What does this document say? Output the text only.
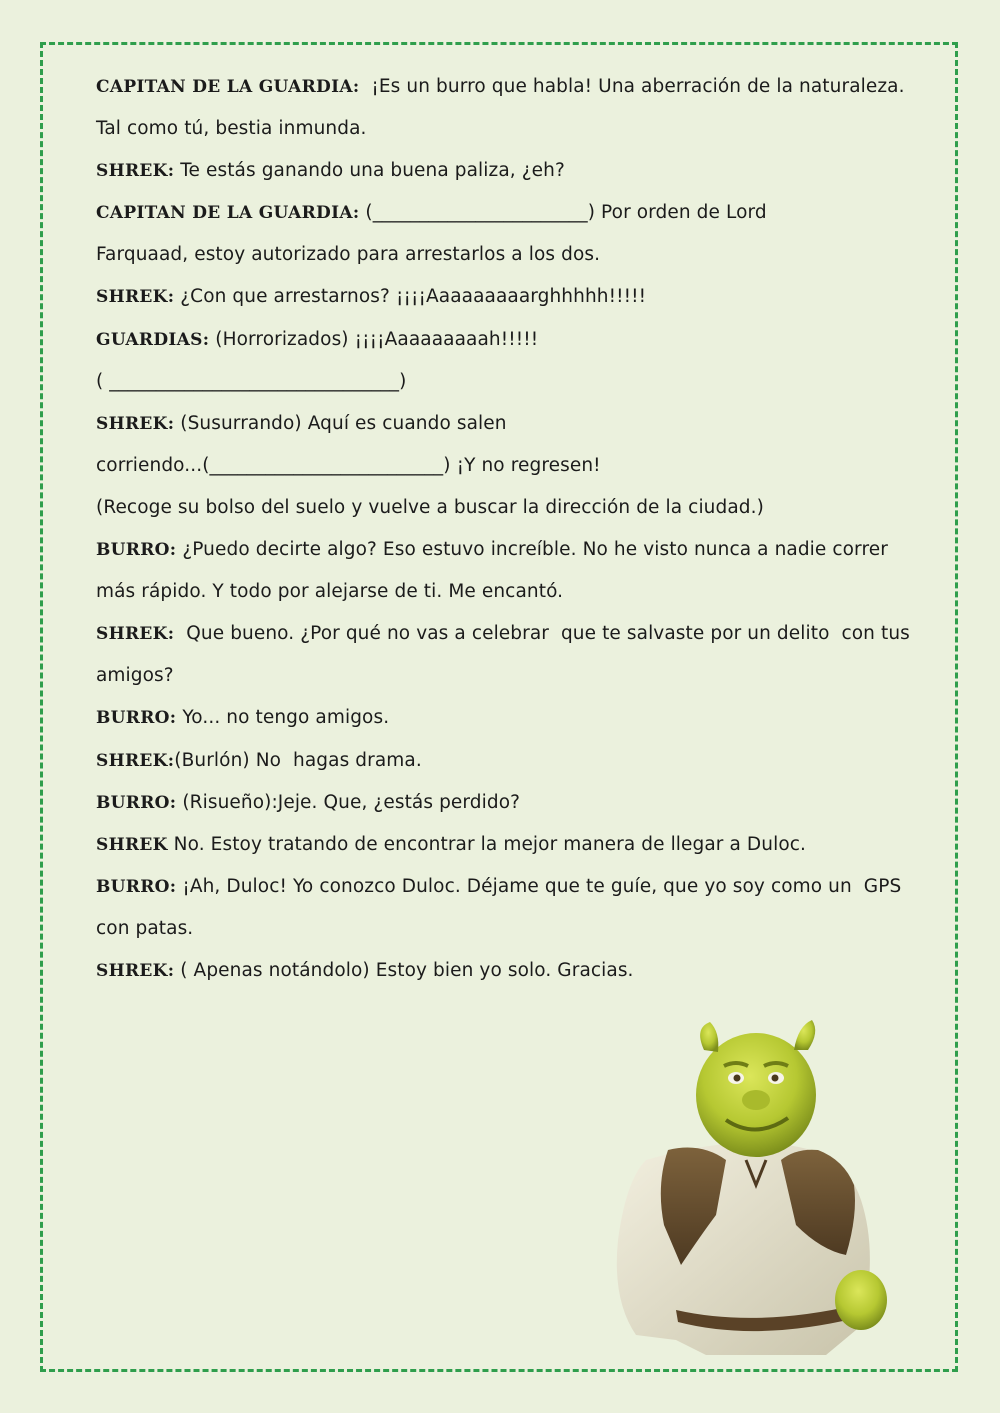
CAPITAN DE LA GUARDIA:  ¡Es un burro que habla! Una aberración de la naturaleza.
Tal como tú, bestia inmunda.
SHREK: Te estás ganando una buena paliza, ¿eh?
CAPITAN DE LA GUARDIA: (_______________________) Por orden de Lord
Farquaad, estoy autorizado para arrestarlos a los dos.
SHREK: ¿Con que arrestarnos? ¡¡¡¡Aaaaaaaaarghhhhh!!!!!
GUARDIAS: (Horrorizados) ¡¡¡¡Aaaaaaaaah!!!!!
( _______________________________)
SHREK: (Susurrando) Aquí es cuando salen
corriendo...(_________________________) ¡Y no regresen!
(Recoge su bolso del suelo y vuelve a buscar la dirección de la ciudad.)
BURRO: ¿Puedo decirte algo? Eso estuvo increíble. No he visto nunca a nadie correr
más rápido. Y todo por alejarse de ti. Me encantó.
SHREK:  Que bueno. ¿Por qué no vas a celebrar  que te salvaste por un delito  con tus
amigos?
BURRO: Yo... no tengo amigos.
SHREK:(Burlón) No  hagas drama.
BURRO: (Risueño):Jeje. Que, ¿estás perdido?
SHREK No. Estoy tratando de encontrar la mejor manera de llegar a Duloc.
BURRO: ¡Ah, Duloc! Yo conozco Duloc. Déjame que te guíe, que yo soy como un  GPS
con patas.
SHREK: ( Apenas notándolo) Estoy bien yo solo. Gracias.
